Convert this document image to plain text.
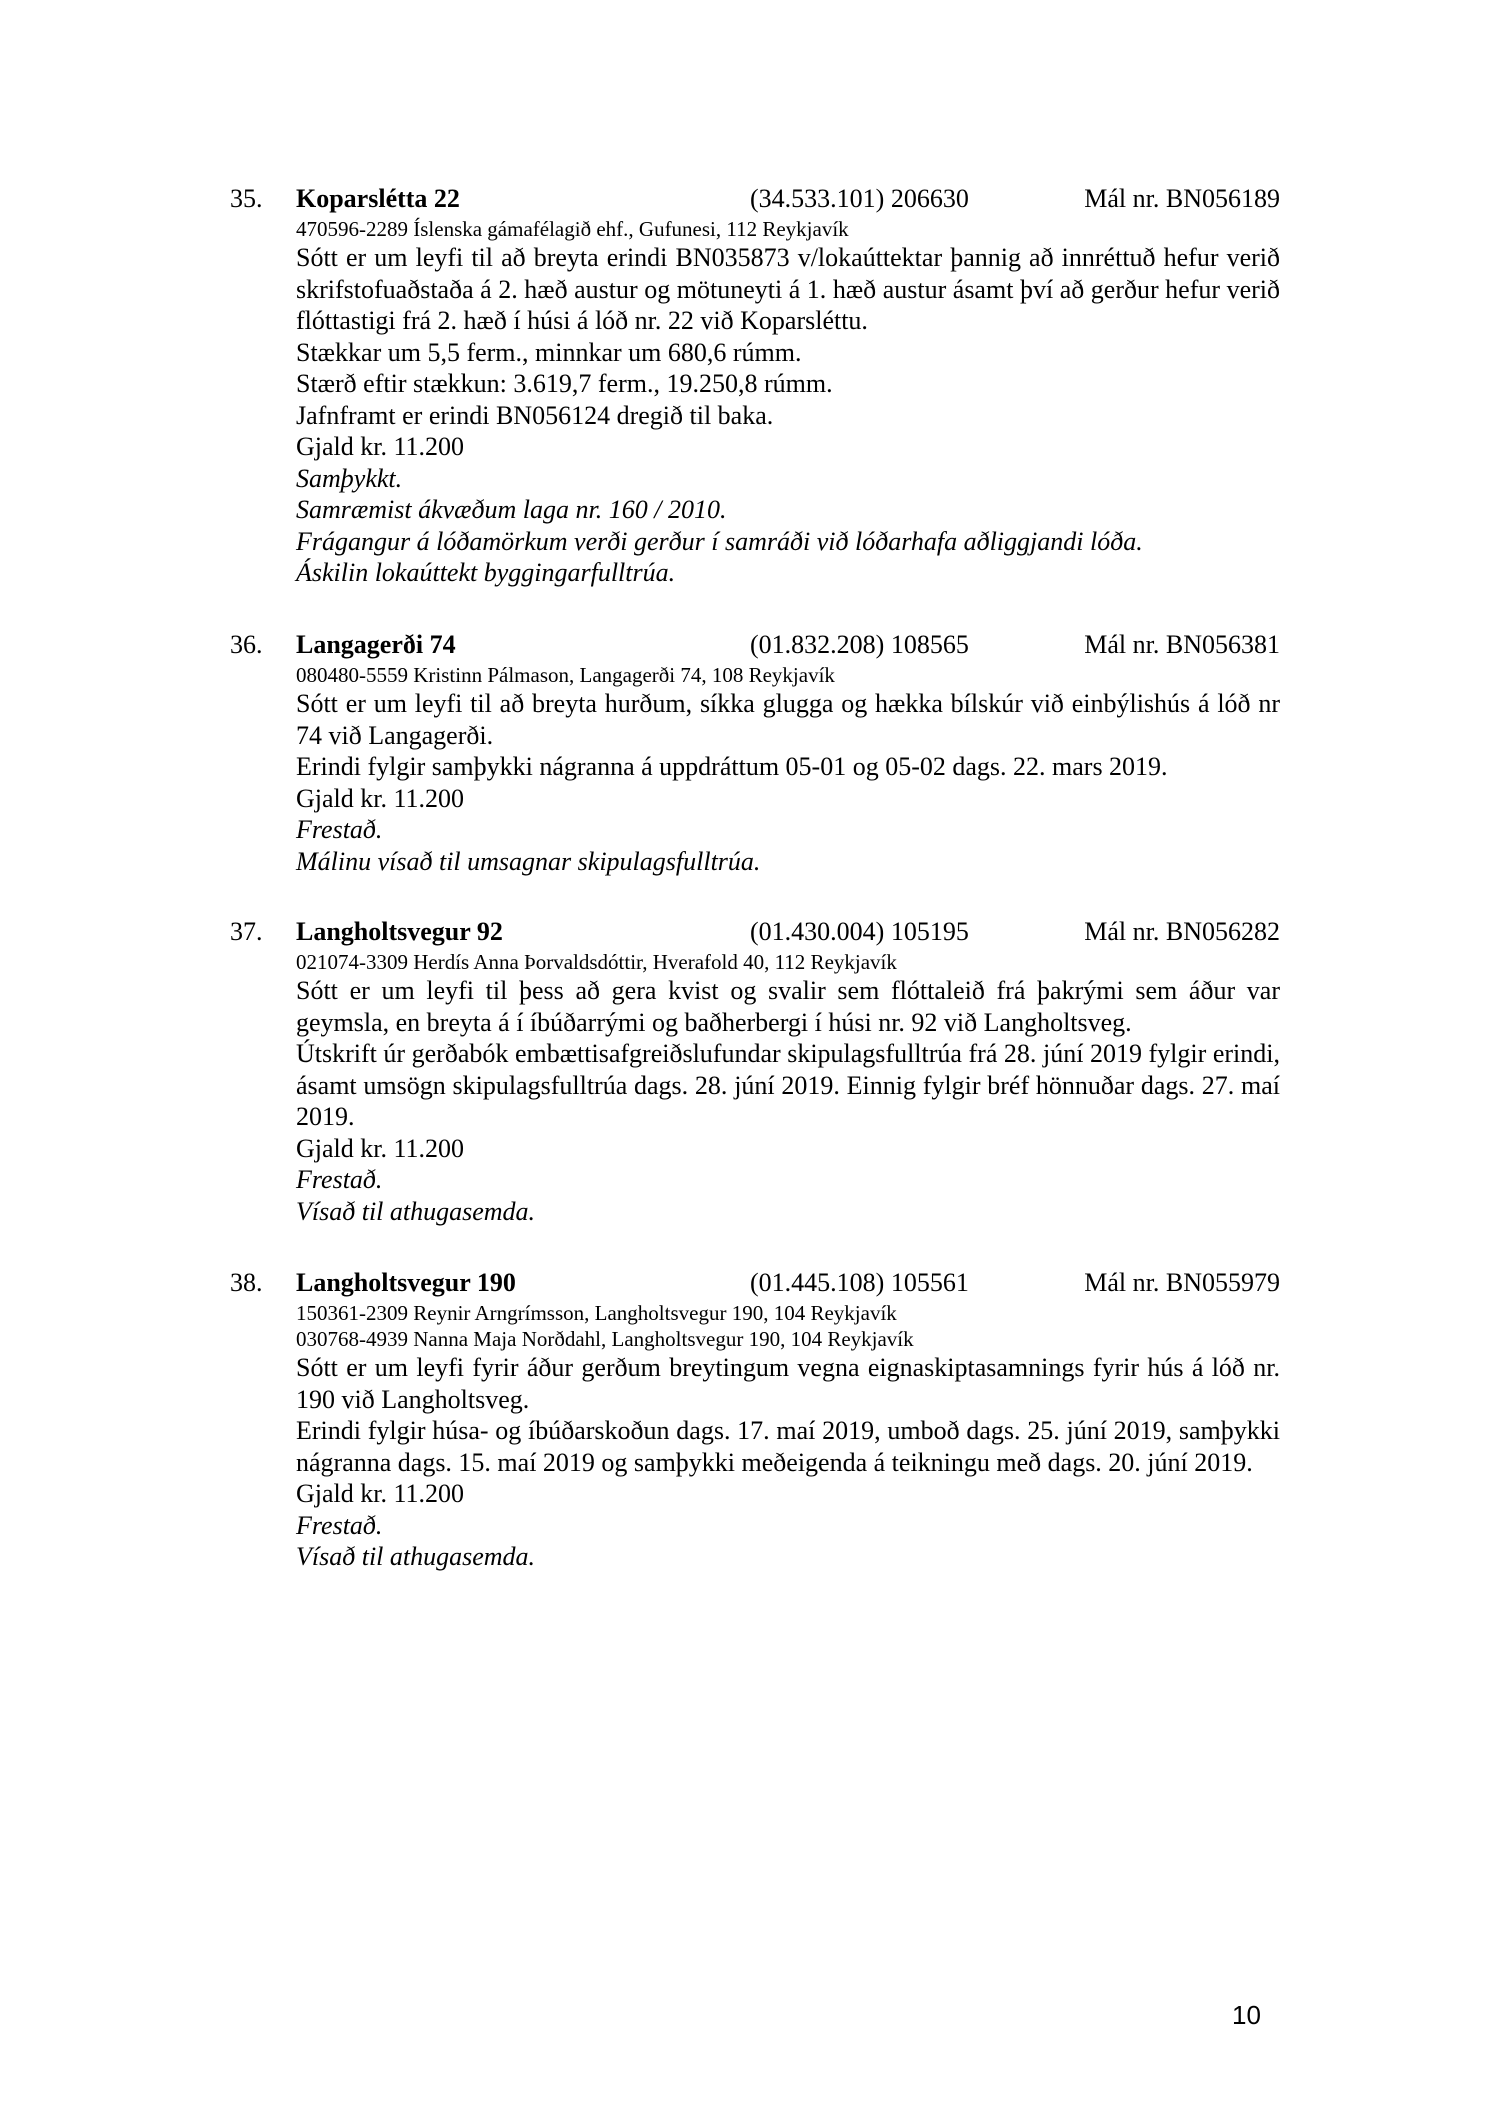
35. Koparslétta 22	(34.533.101) 206630	Mál nr. BN056189
470596-2289 Íslenska gámafélagið ehf., Gufunesi, 112 Reykjavík
Sótt er um leyfi til að breyta erindi BN035873 v/lokaúttektar þannig að innréttuð hefur verið skrifstofuaðstaða á 2. hæð austur og mötuneyti á 1. hæð austur ásamt því að gerður hefur verið flóttastigi frá 2. hæð í húsi á lóð nr. 22 við Koparsléttu.
Stækkar um 5,5 ferm., minnkar um 680,6 rúmm.
Stærð eftir stækkun: 3.619,7 ferm., 19.250,8 rúmm.
Jafnframt er erindi BN056124 dregið til baka.
Gjald kr. 11.200
Samþykkt.
Samræmist ákvæðum laga nr. 160 / 2010.
Frágangur á lóðamörkum verði gerður í samráði við lóðarhafa aðliggjandi lóða.
Áskilin lokaúttekt byggingarfulltrúa.
36. Langagerði 74	(01.832.208) 108565	Mál nr. BN056381
080480-5559 Kristinn Pálmason, Langagerði 74, 108 Reykjavík
Sótt er um leyfi til að breyta hurðum, síkka glugga og hækka bílskúr við einbýlishús á lóð nr 74 við Langagerði.
Erindi fylgir samþykki nágranna á uppdráttum 05-01 og 05-02 dags. 22. mars 2019.
Gjald kr. 11.200
Frestað.
Málinu vísað til umsagnar skipulagsfulltrúa.
37. Langholtsvegur 92	(01.430.004) 105195	Mál nr. BN056282
021074-3309 Herdís Anna Þorvaldsdóttir, Hverafold 40, 112 Reykjavík
Sótt er um leyfi til þess að gera kvist og svalir sem flóttaleið frá þakrými sem áður var geymsla, en breyta á í íbúðarrými og baðherbergi í húsi nr. 92 við Langholtsveg.
Útskrift úr gerðabók embættisafgreiðslufundar skipulagsfulltrúa frá 28. júní 2019 fylgir erindi, ásamt umsögn skipulagsfulltrúa dags. 28. júní 2019. Einnig fylgir bréf hönnuðar dags. 27. maí 2019.
Gjald kr. 11.200
Frestað.
Vísað til athugasemda.
38. Langholtsvegur 190	(01.445.108) 105561	Mál nr. BN055979
150361-2309 Reynir Arngrímsson, Langholtsvegur 190, 104 Reykjavík
030768-4939 Nanna Maja Norðdahl, Langholtsvegur 190, 104 Reykjavík
Sótt er um leyfi fyrir áður gerðum breytingum vegna eignaskiptasamnings fyrir hús á lóð nr. 190 við Langholtsveg.
Erindi fylgir húsa- og íbúðarskoðun dags. 17. maí 2019, umboð dags. 25. júní 2019, samþykki nágranna dags. 15. maí 2019 og samþykki meðeigenda á teikningu með dags. 20. júní 2019.
Gjald kr. 11.200
Frestað.
Vísað til athugasemda.
10
